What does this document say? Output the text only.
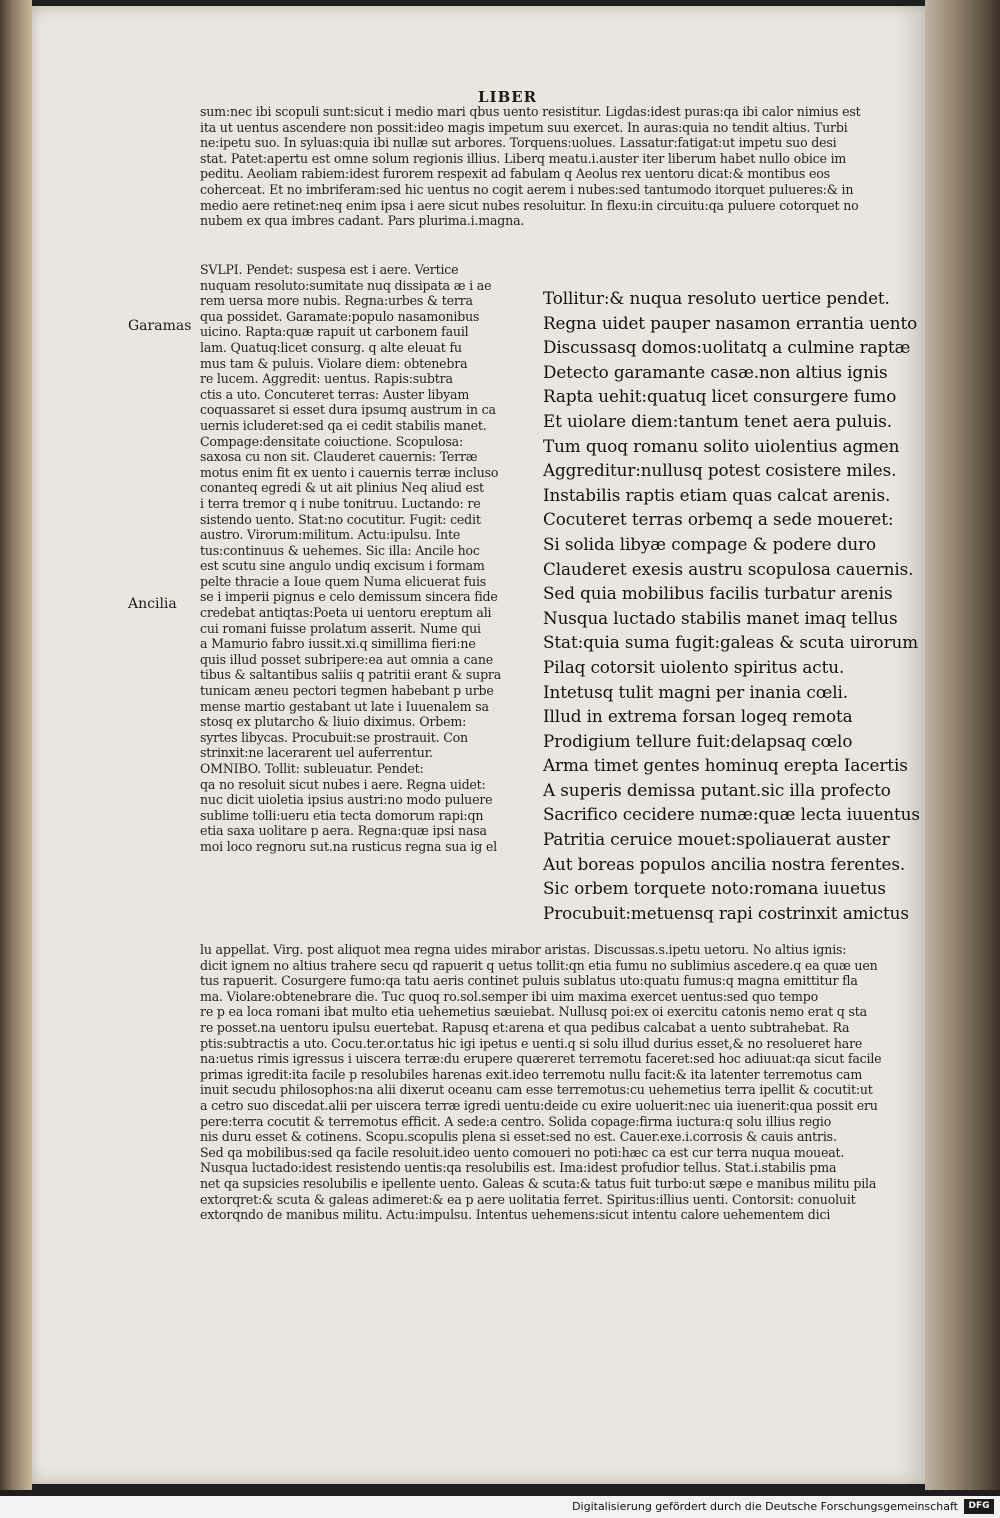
LIBER
Garamas
Ancilia
sum:nec ibi scopuli sunt:sicut i medio mari qbus uento resistitur. Ligdas:idest puras:qa ibi calor nimius est
ita ut uentus ascendere non possit:ideo magis impetum suu exercet. In auras:quia no tendit altius. Turbi
ne:ipetu suo. In syluas:quia ibi nullæ sut arbores. Torquens:uolues. Lassatur:fatigat:ut impetu suo desi
stat. Patet:apertu est omne solum regionis illius. Liberq meatu.i.auster iter liberum habet nullo obice im
peditu. Aeoliam rabiem:idest furorem respexit ad fabulam q Aeolus rex uentoru dicat:& montibus eos
coherceat. Et no imbriferam:sed hic uentus no cogit aerem i nubes:sed tantumodo itorquet pulueres:& in
medio aere retinet:neq enim ipsa i aere sicut nubes resoluitur. In flexu:in circuitu:qa puluere cotorquet no
nubem ex qua imbres cadant. Pars plurima.i.magna.
SVLPI. Pendet: suspesa est i aere. Vertice
nuquam resoluto:sumitate nuq dissipata æ i ae
rem uersa more nubis. Regna:urbes & terra
qua possidet. Garamate:populo nasamonibus
uicino. Rapta:quæ rapuit ut carbonem fauil
lam. Quatuq:licet consurg. q alte eleuat fu
mus tam & puluis. Violare diem: obtenebra
re lucem. Aggredit: uentus. Rapis:subtra
ctis a uto. Concuteret terras: Auster libyam
coquassaret si esset dura ipsumq austrum in ca
uernis icluderet:sed qa ei cedit stabilis manet.
Compage:densitate coiuctione. Scopulosa:
saxosa cu non sit. Clauderet cauernis: Terræ
motus enim fit ex uento i cauernis terræ incluso
conanteq egredi & ut ait plinius Neq aliud est
i terra tremor q i nube tonitruu. Luctando: re
sistendo uento. Stat:no cocutitur. Fugit: cedit
austro. Virorum:militum. Actu:ipulsu. Inte
tus:continuus & uehemes. Sic illa: Ancile hoc
est scutu sine angulo undiq excisum i formam
pelte thracie a Ioue quem Numa elicuerat fuis
se i imperii pignus e celo demissum sincera fide
credebat antiqtas:Poeta ui uentoru ereptum ali
cui romani fuisse prolatum asserit. Nume qui
a Mamurio fabro iussit.xi.q simillima fieri:ne
quis illud posset subripere:ea aut omnia a cane
tibus & saltantibus saliis q patritii erant & supra
tunicam æneu pectori tegmen habebant p urbe
mense martio gestabant ut late i Iuuenalem sa
stosq ex plutarcho & liuio diximus. Orbem:
syrtes libycas. Procubuit:se prostrauit. Con
strinxit:ne lacerarent uel auferrentur.
OMNIBO. Tollit: subleuatur. Pendet:
qa no resoluit sicut nubes i aere. Regna uidet:
nuc dicit uioletia ipsius austri:no modo puluere
sublime tolli:ueru etia tecta domorum rapi:qn
etia saxa uolitare p aera. Regna:quæ ipsi nasa
moi loco regnoru sut.na rusticus regna sua ig el
Tollitur:& nuqua resoluto uertice pendet.
Regna uidet pauper nasamon errantia uento
Discussasq domos:uolitatq a culmine raptæ
Detecto garamante casæ.non altius ignis
Rapta uehit:quatuq licet consurgere fumo
Et uiolare diem:tantum tenet aera puluis.
Tum quoq romanu solito uiolentius agmen
Aggreditur:nullusq potest cosistere miles.
Instabilis raptis etiam quas calcat arenis.
Cocuteret terras orbemq a sede moueret:
Si solida libyæ compage & podere duro
Clauderet exesis austru scopulosa cauernis.
Sed quia mobilibus facilis turbatur arenis
Nusqua luctado stabilis manet imaq tellus
Stat:quia suma fugit:galeas & scuta uirorum
Pilaq cotorsit uiolento spiritus actu.
Intetusq tulit magni per inania cœli.
Illud in extrema forsan logeq remota
Prodigium tellure fuit:delapsaq cœlo
Arma timet gentes hominuq erepta Iacertis
A superis demissa putant.sic illa profecto
Sacrifico cecidere numæ:quæ lecta iuuentus
Patritia ceruice mouet:spoliauerat auster
Aut boreas populos ancilia nostra ferentes.
Sic orbem torquete noto:romana iuuetus
Procubuit:metuensq rapi costrinxit amictus
lu appellat. Virg. post aliquot mea regna uides mirabor aristas. Discussas.s.ipetu uetoru. No altius ignis:
dicit ignem no altius trahere secu qd rapuerit q uetus tollit:qn etia fumu no sublimius ascedere.q ea quæ uen
tus rapuerit. Cosurgere fumo:qa tatu aeris continet puluis sublatus uto:quatu fumus:q magna emittitur fla
ma. Violare:obtenebrare die. Tuc quoq ro.sol.semper ibi uim maxima exercet uentus:sed quo tempo
re p ea loca romani ibat multo etia uehemetius sæuiebat. Nullusq poi:ex oi exercitu catonis nemo erat q sta
re posset.na uentoru ipulsu euertebat. Rapusq et:arena et qua pedibus calcabat a uento subtrahebat. Ra
ptis:subtractis a uto. Cocu.ter.or.tatus hic igi ipetus e uenti.q si solu illud durius esset,& no resolueret hare
na:uetus rimis igressus i uiscera terræ:du erupere quæreret terremotu faceret:sed hoc adiuuat:qa sicut facile
primas igredit:ita facile p resolubiles harenas exit.ideo terremotu nullu facit:& ita latenter terremotus cam
inuit secudu philosophos:na alii dixerut oceanu cam esse terremotus:cu uehemetius terra ipellit & cocutit:ut
a cetro suo discedat.alii per uiscera terræ igredi uentu:deide cu exire uoluerit:nec uia iuenerit:qua possit eru
pere:terra cocutit & terremotus efficit. A sede:a centro. Solida copage:firma iuctura:q solu illius regio
nis duru esset & cotinens. Scopu.scopulis plena si esset:sed no est. Cauer.exe.i.corrosis & cauis antris.
Sed qa mobilibus:sed qa facile resoluit.ideo uento comoueri no poti:hæc ca est cur terra nuqua moueat.
Nusqua luctado:idest resistendo uentis:qa resolubilis est. Ima:idest profudior tellus. Stat.i.stabilis pma
net qa supsicies resolubilis e ipellente uento. Galeas & scuta:& tatus fuit turbo:ut sæpe e manibus militu pila
extorqret:& scuta & galeas adimeret:& ea p aere uolitatia ferret. Spiritus:illius uenti. Contorsit: conuoluit
extorqndo de manibus militu. Actu:impulsu. Intentus uehemens:sicut intentu calore uehementem dici
Digitalisierung gefördert durch die Deutsche Forschungsgemeinschaft	DFG
